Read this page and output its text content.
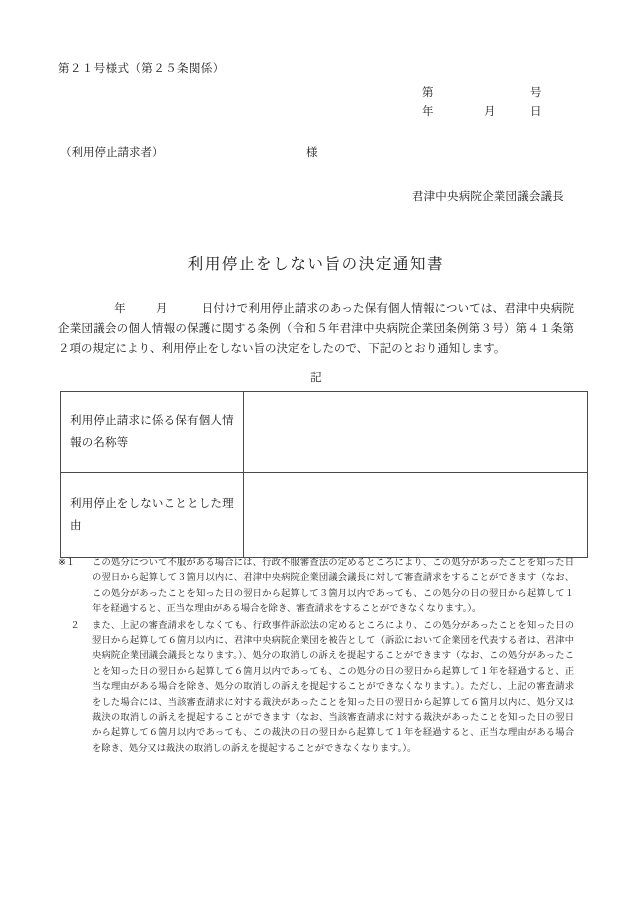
第２１号様式（第２５条関係）
第	号
年	月	日
（利用停止請求者）	様
君津中央病院企業団議会議長
利用停止をしない旨の決定通知書
年	月	日付けで利用停止請求のあった保有個人情報については、君津中央病院企業団議会の個人情報の保護に関する条例（令和５年君津中央病院企業団条例第３号）第４１条第２項の規定により、利用停止をしない旨の決定をしたので、下記のとおり通知します。
記
利用停止請求に係る保有個人情報の名称等	
利用停止をしないこととした理由	
※１	この処分について不服がある場合には、行政不服審査法の定めるところにより、この処分があったことを知った日の翌日から起算して３箇月以内に、君津中央病院企業団議会議長に対して審査請求をすることができます（なお、この処分があったことを知った日の翌日から起算して３箇月以内であっても、この処分の日の翌日から起算して１年を経過すると、正当な理由がある場合を除き、審査請求をすることができなくなります。）。
２	また、上記の審査請求をしなくても、行政事件訴訟法の定めるところにより、この処分があったことを知った日の翌日から起算して６箇月以内に、君津中央病院企業団を被告として（訴訟において企業団を代表する者は、君津中央病院企業団議会議長となります。）、処分の取消しの訴えを提起することができます（なお、この処分があったことを知った日の翌日から起算して６箇月以内であっても、この処分の日の翌日から起算して１年を経過すると、正当な理由がある場合を除き、処分の取消しの訴えを提起することができなくなります。）。ただし、上記の審査請求をした場合には、当該審査請求に対する裁決があったことを知った日の翌日から起算して６箇月以内に、処分又は裁決の取消しの訴えを提起することができます（なお、当該審査請求に対する裁決があったことを知った日の翌日から起算して６箇月以内であっても、この裁決の日の翌日から起算して１年を経過すると、正当な理由がある場合を除き、処分又は裁決の取消しの訴えを提起することができなくなります。）。
